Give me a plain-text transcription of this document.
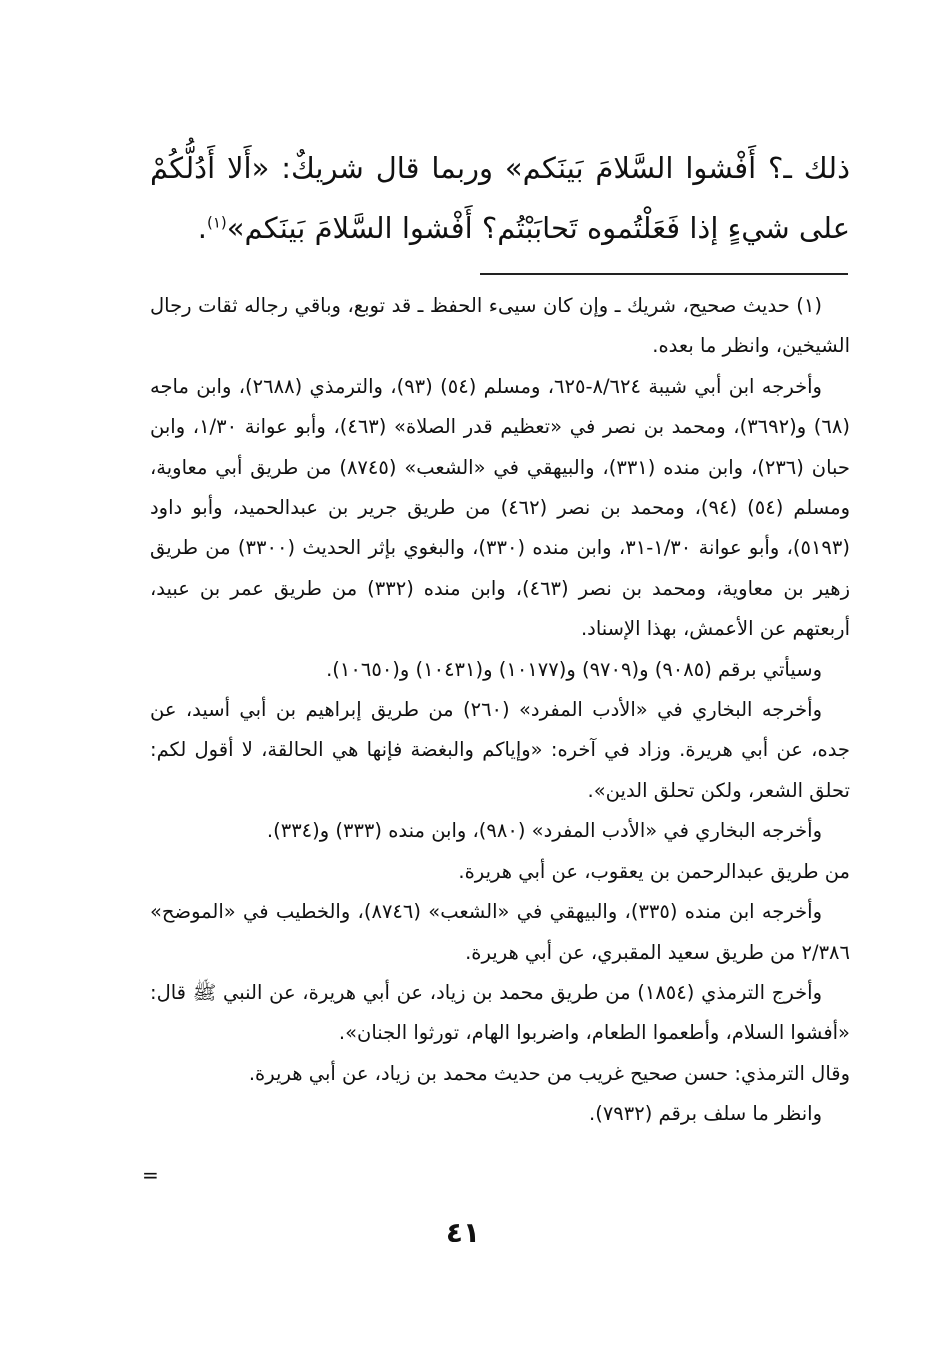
ذلك ـ؟ أَفْشوا السَّلامَ بَينَكم» وربما قال شريكٌ: «أَلا أَدُلُّكُمْ على شيءٍ إذا فَعَلْتُموه تَحابَبْتُم؟ أَفْشوا السَّلامَ بَينَكم»$^{(١)}$.

(١) حديث صحيح، شريك ـ وإن كان سيىء الحفظ ـ قد توبع، وباقي رجاله ثقات رجال الشيخين، وانظر ما بعده.

وأخرجه ابن أبي شيبة ٨/٦٢٤-٦٢٥، ومسلم (٥٤) (٩٣)، والترمذي (٢٦٨٨)، وابن ماجه (٦٨) و(٣٦٩٢)، ومحمد بن نصر في «تعظيم قدر الصلاة» (٤٦٣)، وأبو عوانة ١/٣٠، وابن حبان (٢٣٦)، وابن منده (٣٣١)، والبيهقي في «الشعب» (٨٧٤٥) من طريق أبي معاوية، ومسلم (٥٤) (٩٤)، ومحمد بن نصر (٤٦٢) من طريق جرير بن عبدالحميد، وأبو داود (٥١٩٣)، وأبو عوانة ١/٣٠-٣١، وابن منده (٣٣٠)، والبغوي بإثر الحديث (٣٣٠٠) من طريق زهير بن معاوية، ومحمد بن نصر (٤٦٣)، وابن منده (٣٣٢) من طريق عمر بن عبيد، أربعتهم عن الأعمش، بهذا الإسناد.

وسيأتي برقم (٩٠٨٥) و(٩٧٠٩) و(١٠١٧٧) و(١٠٤٣١) و(١٠٦٥٠).

وأخرجه البخاري في «الأدب المفرد» (٢٦٠) من طريق إبراهيم بن أبي أسيد، عن جده، عن أبي هريرة. وزاد في آخره: «وإياكم والبغضة فإنها هي الحالقة، لا أقول لكم: تحلق الشعر، ولكن تحلق الدين».

وأخرجه البخاري في «الأدب المفرد» (٩٨٠)، وابن منده (٣٣٣) و(٣٣٤).

من طريق عبدالرحمن بن يعقوب، عن أبي هريرة.

وأخرجه ابن منده (٣٣٥)، والبيهقي في «الشعب» (٨٧٤٦)، والخطيب في «الموضح» ٢/٣٨٦ من طريق سعيد المقبري، عن أبي هريرة.

وأخرج الترمذي (١٨٥٤) من طريق محمد بن زياد، عن أبي هريرة، عن النبي ﷺ قال: «أفشوا السلام، وأطعموا الطعام، واضربوا الهام، تورثوا الجنان».

وقال الترمذي: حسن صحيح غريب من حديث محمد بن زياد، عن أبي هريرة.

وانظر ما سلف برقم (٧٩٣٢).

=
٤١
